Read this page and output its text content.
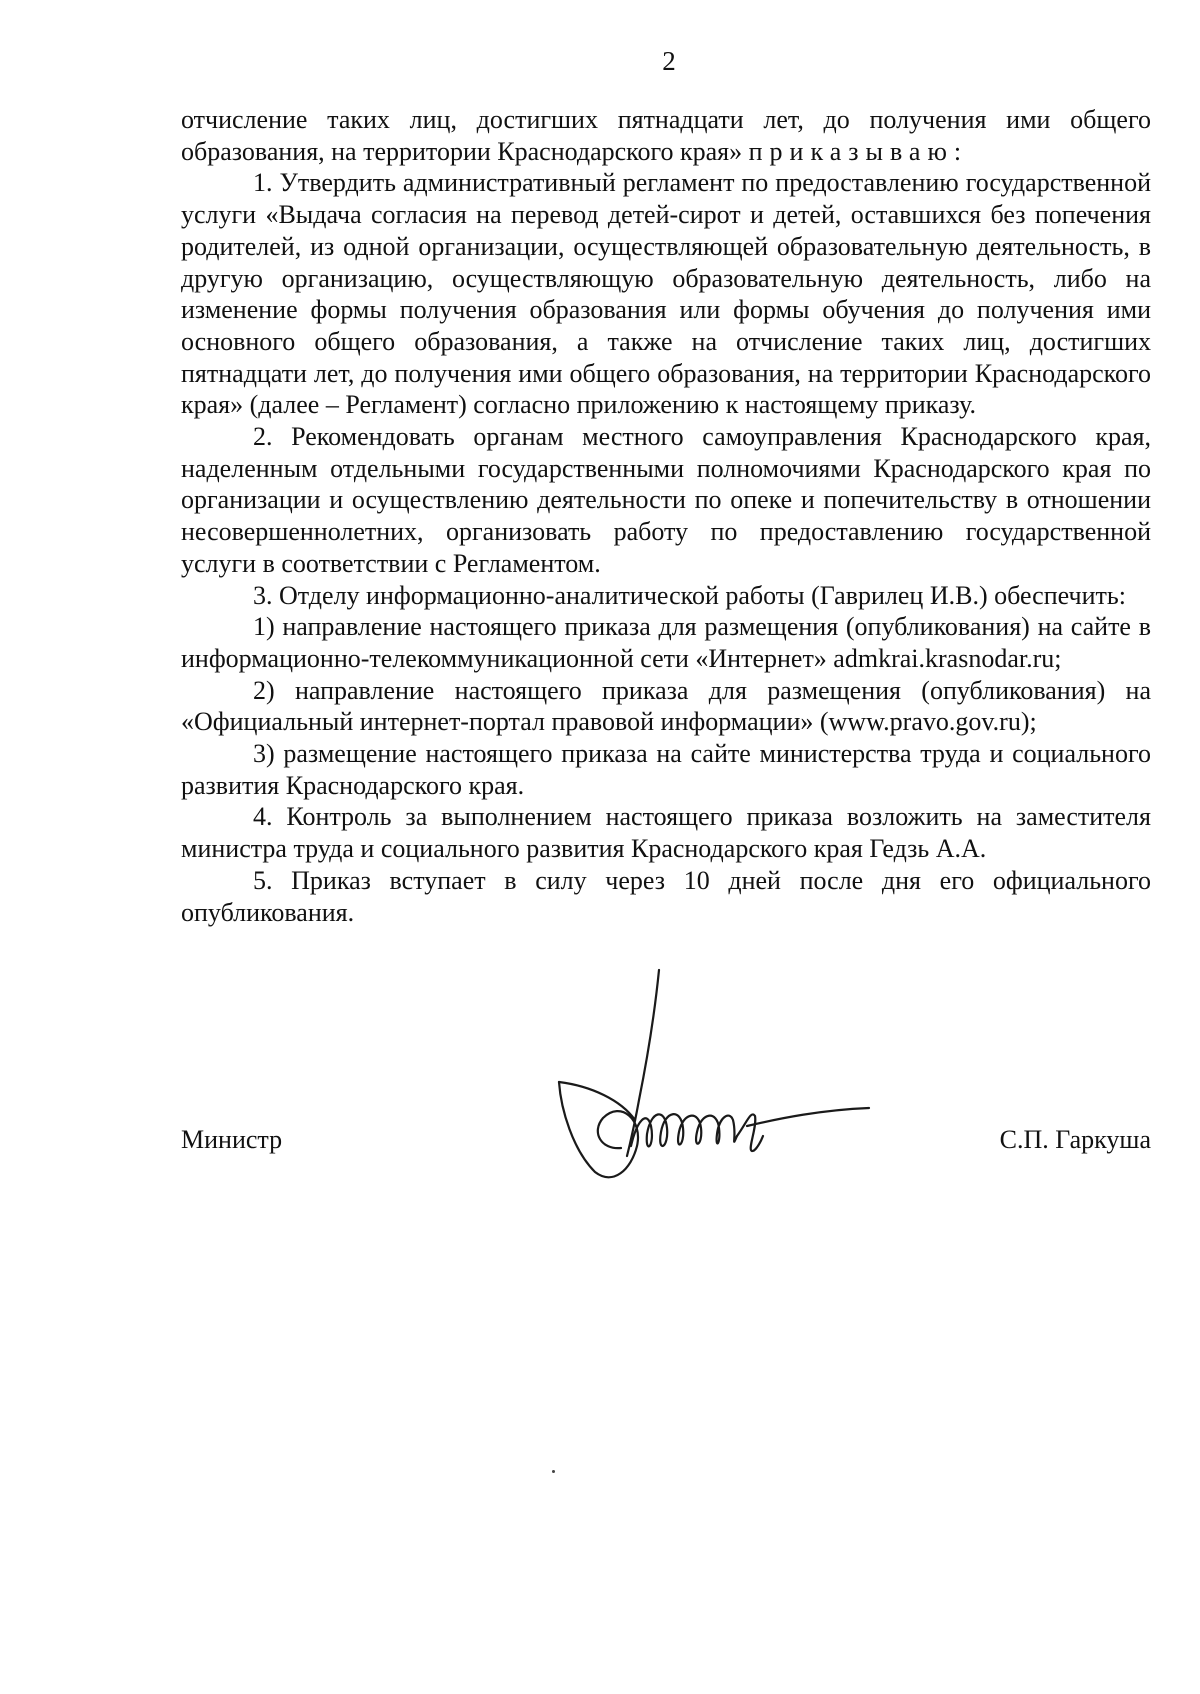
2

отчисление таких лиц, достигших пятнадцати лет, до получения ими общего образования, на территории Краснодарского края» приказываю:

1. Утвердить административный регламент по предоставлению государственной услуги «Выдача согласия на перевод детей-сирот и детей, оставшихся без попечения родителей, из одной организации, осуществляющей образовательную деятельность, в другую организацию, осуществляющую образовательную деятельность, либо на изменение формы получения образования или формы обучения до получения ими основного общего образования, а также на отчисление таких лиц, достигших пятнадцати лет, до получения ими общего образования, на территории Краснодарского края» (далее – Регламент) согласно приложению к настоящему приказу.

2. Рекомендовать органам местного самоуправления Краснодарского края, наделенным отдельными государственными полномочиями Краснодарского края по организации и осуществлению деятельности по опеке и попечительству в отношении несовершеннолетних, организовать работу по предоставлению государственной услуги в соответствии с Регламентом.

3. Отделу информационно-аналитической работы (Гаврилец И.В.) обеспечить:

1) направление настоящего приказа для размещения (опубликования) на сайте в информационно-телекоммуникационной сети «Интернет» admkrai.krasnodar.ru;

2) направление настоящего приказа для размещения (опубликования) на «Официальный интернет-портал правовой информации» (www.pravo.gov.ru);

3) размещение настоящего приказа на сайте министерства труда и социального развития Краснодарского края.

4. Контроль за выполнением настоящего приказа возложить на заместителя министра труда и социального развития Краснодарского края Гедзь А.А.

5. Приказ вступает в силу через 10 дней после дня его официального опубликования.

Министр	С.П. Гаркуша
